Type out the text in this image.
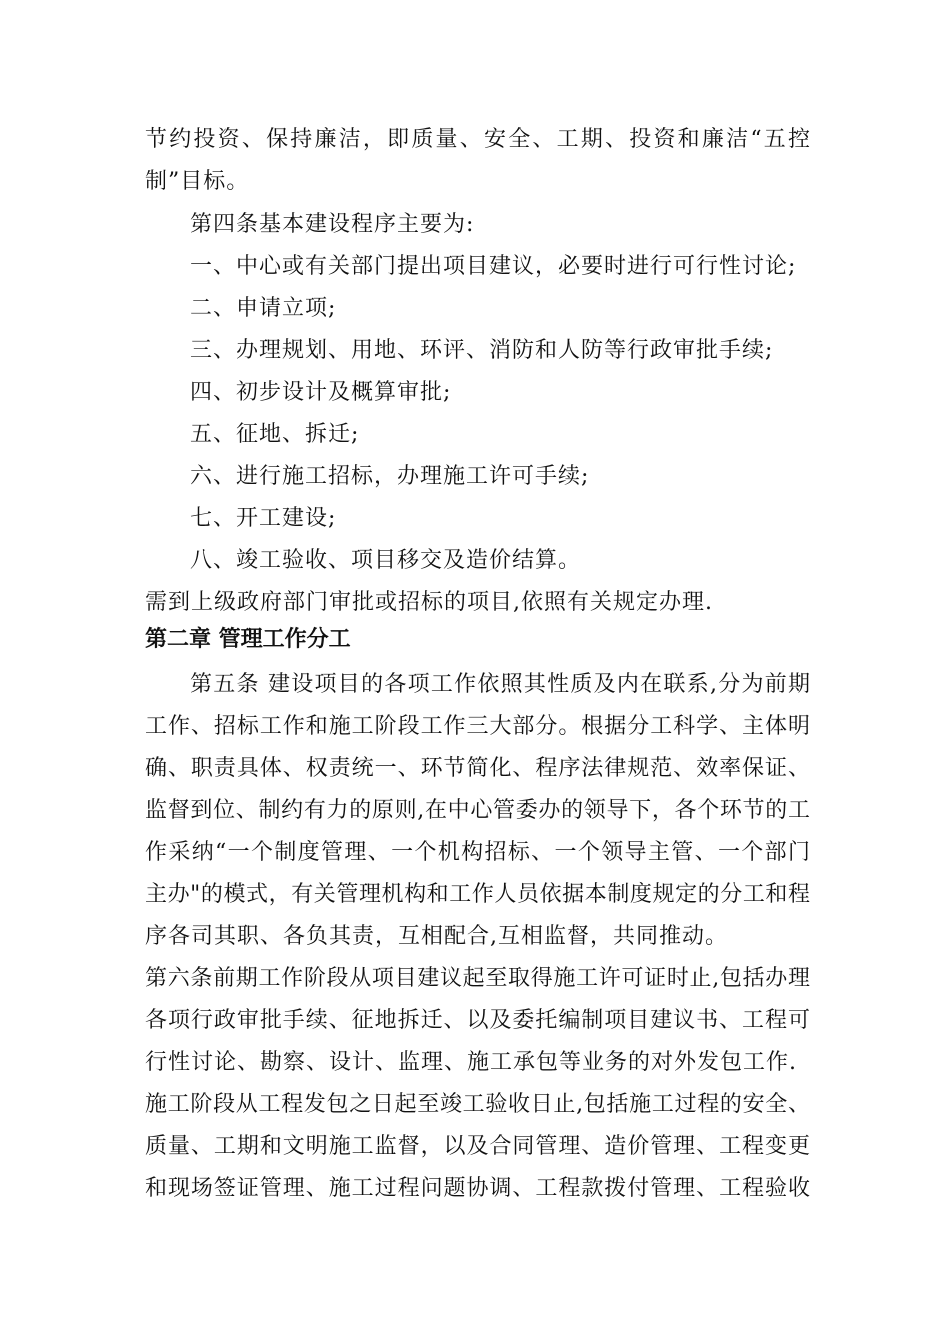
节约投资、保持廉洁，即质量、安全、工期、投资和廉洁“五控
制”目标。
第四条基本建设程序主要为:
一、中心或有关部门提出项目建议，必要时进行可行性讨论;
二、申请立项;
三、办理规划、用地、环评、消防和人防等行政审批手续;
四、初步设计及概算审批;
五、征地、拆迁;
六、进行施工招标，办理施工许可手续;
七、开工建设;
八、竣工验收、项目移交及造价结算。
需到上级政府部门审批或招标的项目,依照有关规定办理.
第二章 管理工作分工
第五条 建设项目的各项工作依照其性质及内在联系,分为前期
工作、招标工作和施工阶段工作三大部分。根据分工科学、主体明
确、职责具体、权责统一、环节简化、程序法律规范、效率保证、
监督到位、制约有力的原则,在中心管委办的领导下，各个环节的工
作采纳“一个制度管理、一个机构招标、一个领导主管、一个部门
主办"的模式，有关管理机构和工作人员依据本制度规定的分工和程
序各司其职、各负其责，互相配合,互相监督，共同推动。
第六条前期工作阶段从项目建议起至取得施工许可证时止,包括办理
各项行政审批手续、征地拆迁、以及委托编制项目建议书、工程可
行性讨论、勘察、设计、监理、施工承包等业务的对外发包工作.
施工阶段从工程发包之日起至竣工验收日止,包括施工过程的安全、
质量、工期和文明施工监督，以及合同管理、造价管理、工程变更
和现场签证管理、施工过程问题协调、工程款拨付管理、工程验收
